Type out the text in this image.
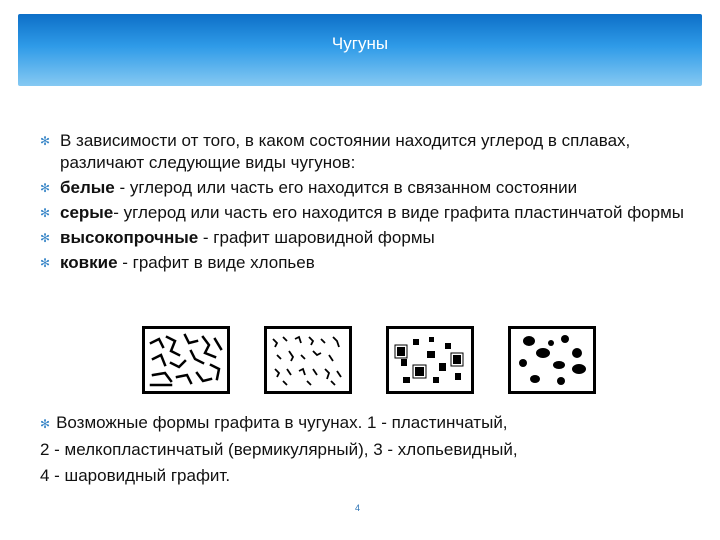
Чугуны
✻ В зависимости от того, в каком состоянии находится углерод в сплавах, различают следующие виды чугунов:
✻ белые - углерод или часть его находится в связанном состоянии
✻ серые- углерод или часть его находится в виде графита пластинчатой формы
✻ высокопрочные - графит шаровидной формы
✻ ковкие - графит в виде хлопьев
✻ Возможные формы графита в чугунах. 1 - пластинчатый,
2 - мелкопластинчатый (вермикулярный), 3 - хлопьевидный,
4 - шаровидный графит.
4
